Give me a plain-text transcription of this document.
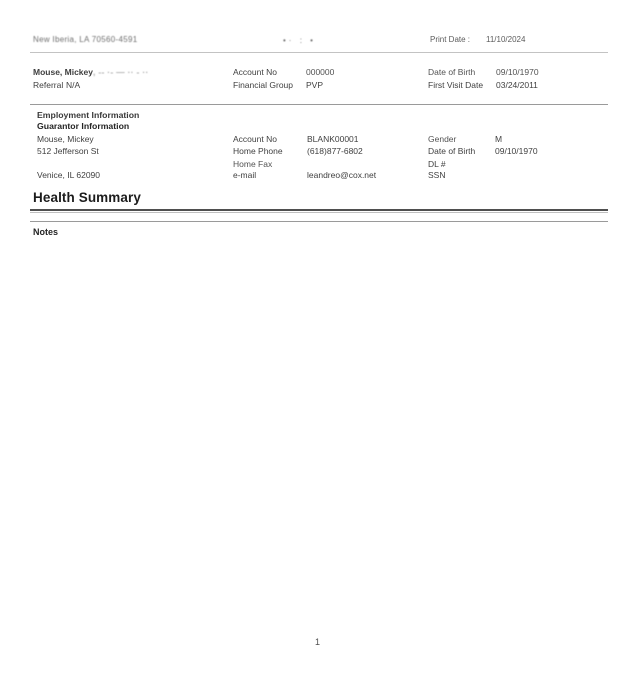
New Iberia, LA 70560-4591	•· : •	Print Date : 11/10/2024
Mouse, Mickey, -- ·- — ·· - ··	Account No	000000	Date of Birth 09/10/1970
Referral N/A	Financial Group PVP	First Visit Date 03/24/2011
Employment Information
Guarantor Information
Mouse, Mickey	Account No	BLANK00001	Gender	M
512 Jefferson St	Home Phone	(618)877-6802	Date of Birth 09/10/1970
Home Fax	DL #
Venice, IL 62090	e-mail	leandreo@cox.net	SSN
Health Summary
Notes
1
